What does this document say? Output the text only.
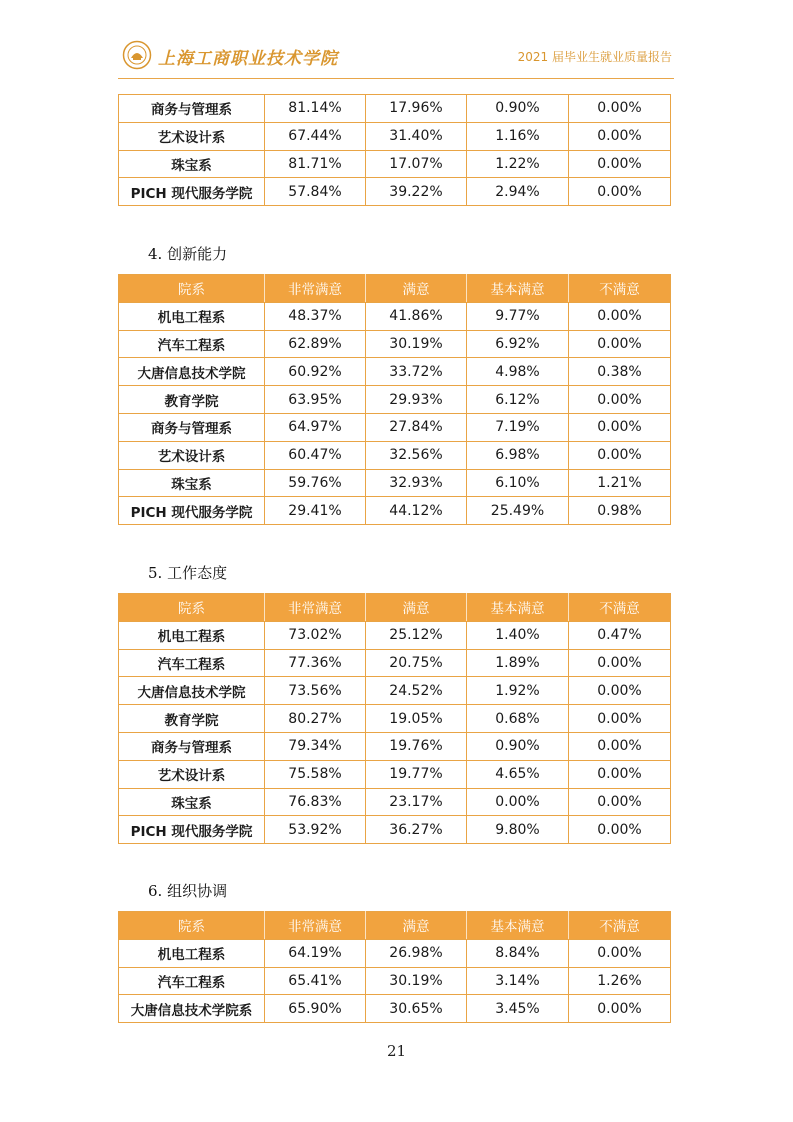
上海工商职业技术学院	2021 届毕业生就业质量报告
商务与管理系	81.14%	17.96%	0.90%	0.00%
艺术设计系	67.44%	31.40%	1.16%	0.00%
珠宝系	81.71%	17.07%	1.22%	0.00%
PICH 现代服务学院	57.84%	39.22%	2.94%	0.00%
4. 创新能力
院系	非常满意	满意	基本满意	不满意
机电工程系	48.37%	41.86%	9.77%	0.00%
汽车工程系	62.89%	30.19%	6.92%	0.00%
大唐信息技术学院	60.92%	33.72%	4.98%	0.38%
教育学院	63.95%	29.93%	6.12%	0.00%
商务与管理系	64.97%	27.84%	7.19%	0.00%
艺术设计系	60.47%	32.56%	6.98%	0.00%
珠宝系	59.76%	32.93%	6.10%	1.21%
PICH 现代服务学院	29.41%	44.12%	25.49%	0.98%
5. 工作态度
院系	非常满意	满意	基本满意	不满意
机电工程系	73.02%	25.12%	1.40%	0.47%
汽车工程系	77.36%	20.75%	1.89%	0.00%
大唐信息技术学院	73.56%	24.52%	1.92%	0.00%
教育学院	80.27%	19.05%	0.68%	0.00%
商务与管理系	79.34%	19.76%	0.90%	0.00%
艺术设计系	75.58%	19.77%	4.65%	0.00%
珠宝系	76.83%	23.17%	0.00%	0.00%
PICH 现代服务学院	53.92%	36.27%	9.80%	0.00%
6. 组织协调
院系	非常满意	满意	基本满意	不满意
机电工程系	64.19%	26.98%	8.84%	0.00%
汽车工程系	65.41%	30.19%	3.14%	1.26%
大唐信息技术学院系	65.90%	30.65%	3.45%	0.00%
21
